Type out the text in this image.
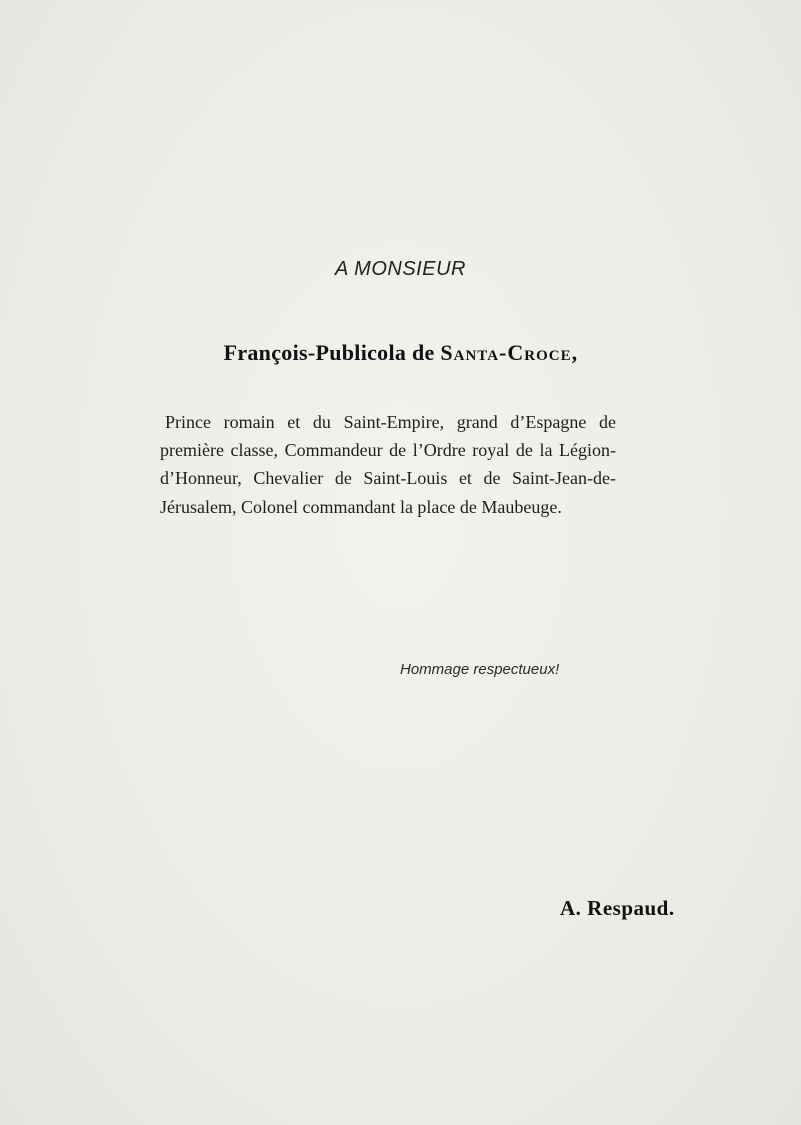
A MONSIEUR
François-Publicola de Santa-Croce,
Prince romain et du Saint-Empire, grand d’Espagne de première classe, Commandeur de l’Ordre royal de la Légion-d’Honneur, Chevalier de Saint-Louis et de Saint-Jean-de-Jérusalem, Colonel commandant la place de Maubeuge.
Hommage respectueux!
A. Respaud.
